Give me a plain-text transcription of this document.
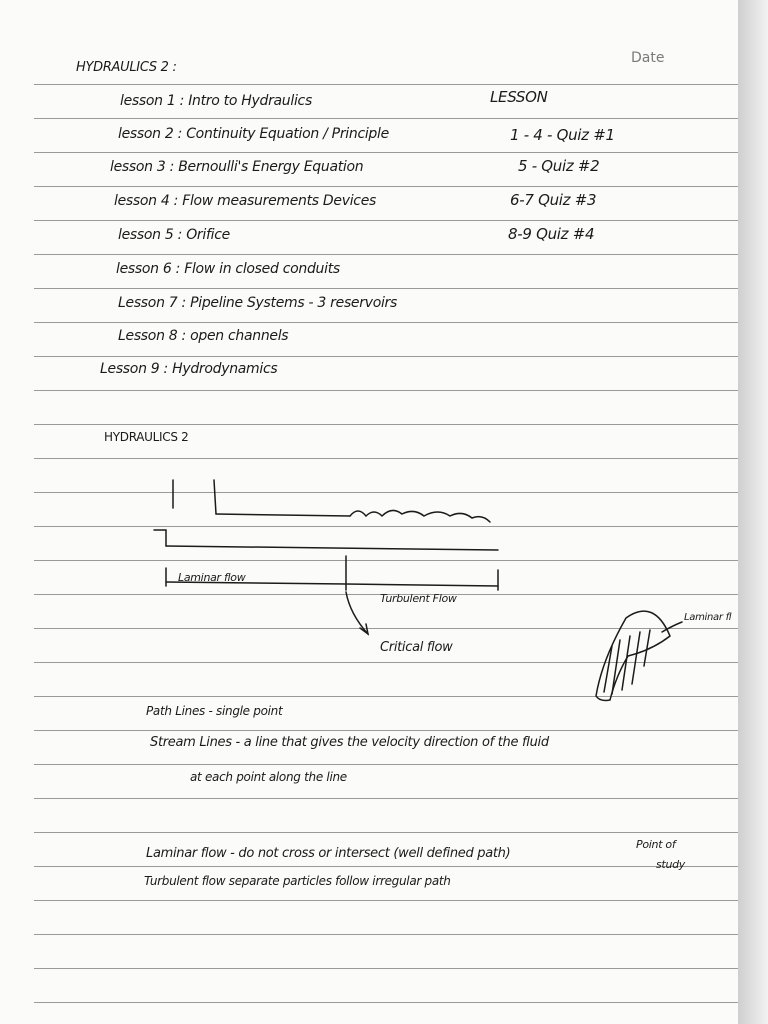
Date
HYDRAULICS 2 :
lesson 1 : Intro to Hydraulics
lesson 2 : Continuity Equation / Principle
lesson 3 : Bernoulli's Energy Equation
lesson 4 : Flow measurements Devices
lesson 5 : Orifice
lesson 6 : Flow in closed conduits
Lesson 7 : Pipeline Systems - 3 reservoirs
Lesson 8 : open channels
Lesson 9 : Hydrodynamics
LESSON
1 - 4 - Quiz #1
5 - Quiz #2
6-7 Quiz #3
8-9 Quiz #4
HYDRAULICS 2
Laminar flow
Turbulent Flow
Critical flow
Laminar fl
Path Lines - single point
Stream Lines - a line that gives the velocity direction of the fluid
at each point along the line
Laminar flow - do not cross or intersect (well defined path)
Point of
study
Turbulent flow separate particles follow irregular path
